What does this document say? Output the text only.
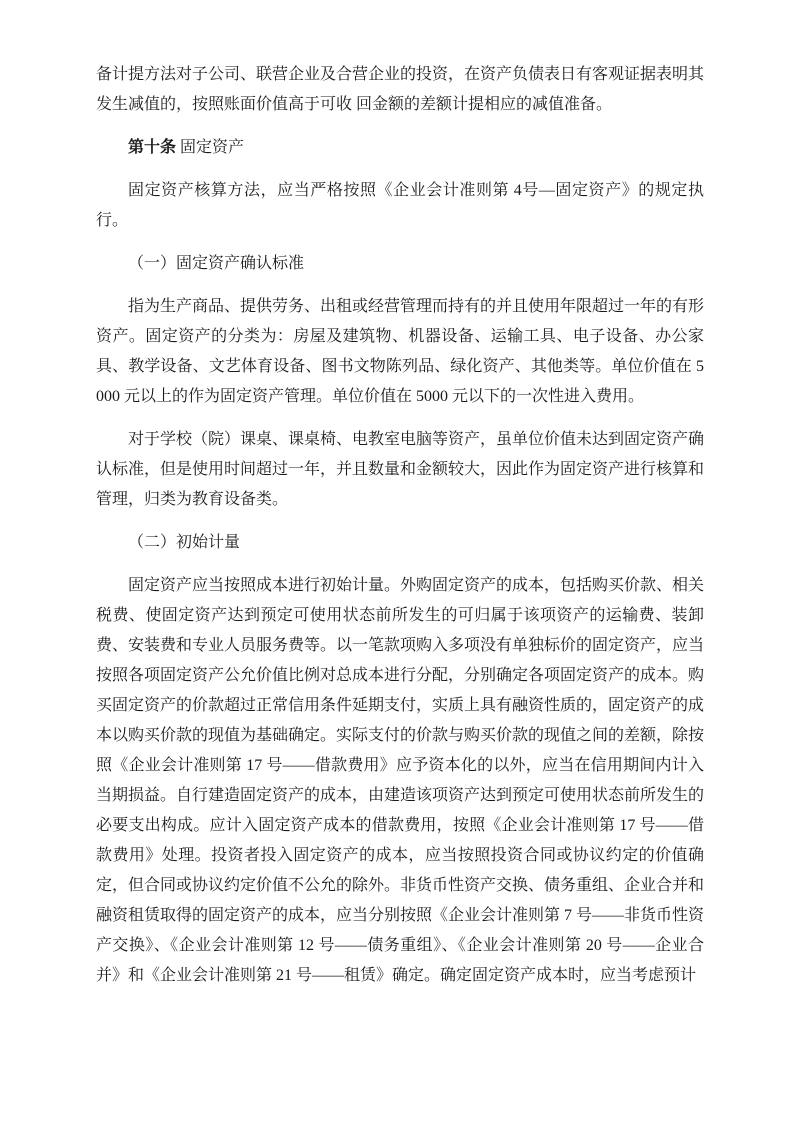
备计提方法对子公司、联营企业及合营企业的投资，在资产负债表日有客观证据表明其发生减值的，按照账面价值高于可收 回金额的差额计提相应的减值准备。

第十条 固定资产

固定资产核算方法，应当严格按照《企业会计准则第 4号—固定资产》的规定执行。

（一）固定资产确认标准

指为生产商品、提供劳务、出租或经营管理而持有的并且使用年限超过一年的有形资产。固定资产的分类为：房屋及建筑物、机器设备、运输工具、电子设备、办公家具、教学设备、文艺体育设备、图书文物陈列品、绿化资产、其他类等。单位价值在 5000 元以上的作为固定资产管理。单位价值在 5000 元以下的一次性进入费用。

对于学校（院）课桌、课桌椅、电教室电脑等资产，虽单位价值未达到固定资产确认标准，但是使用时间超过一年，并且数量和金额较大，因此作为固定资产进行核算和管理，归类为教育设备类。

（二）初始计量

固定资产应当按照成本进行初始计量。外购固定资产的成本，包括购买价款、相关税费、使固定资产达到预定可使用状态前所发生的可归属于该项资产的运输费、装卸费、安装费和专业人员服务费等。以一笔款项购入多项没有单独标价的固定资产，应当按照各项固定资产公允价值比例对总成本进行分配，分别确定各项固定资产的成本。购买固定资产的价款超过正常信用条件延期支付，实质上具有融资性质的，固定资产的成本以购买价款的现值为基础确定。实际支付的价款与购买价款的现值之间的差额，除按照《企业会计准则第 17 号——借款费用》应予资本化的以外，应当在信用期间内计入当期损益。自行建造固定资产的成本，由建造该项资产达到预定可使用状态前所发生的必要支出构成。应计入固定资产成本的借款费用，按照《企业会计准则第 17 号——借款费用》处理。投资者投入固定资产的成本，应当按照投资合同或协议约定的价值确定，但合同或协议约定价值不公允的除外。非货币性资产交换、债务重组、企业合并和融资租赁取得的固定资产的成本，应当分别按照《企业会计准则第 7 号——非货币性资产交换》、《企业会计准则第 12 号——债务重组》、《企业会计准则第 20 号——企业合并》和《企业会计准则第 21 号——租赁》确定。确定固定资产成本时，应当考虑预计
